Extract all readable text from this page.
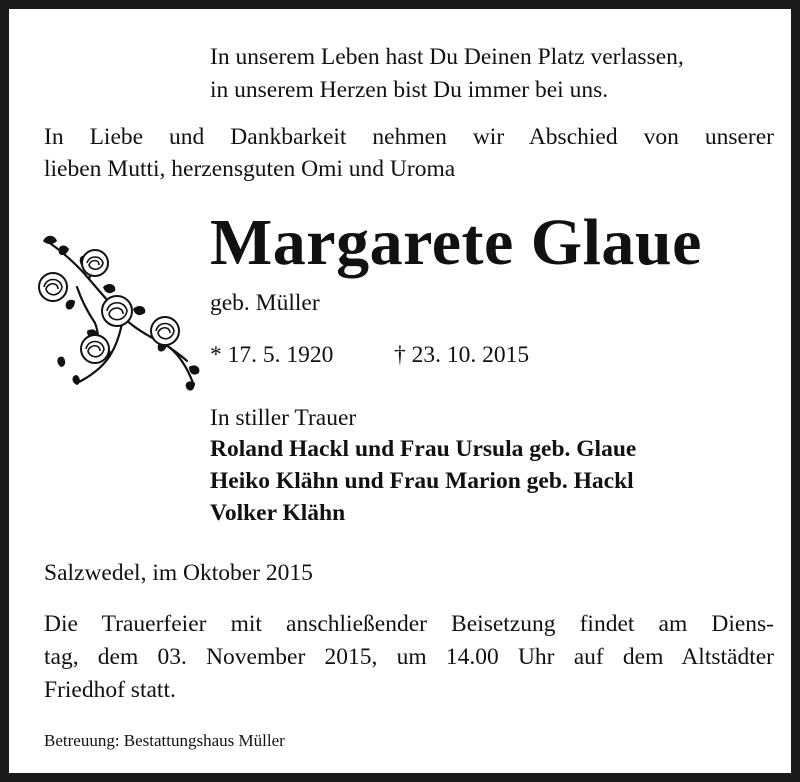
In unserem Leben hast Du Deinen Platz verlassen,
in unserem Herzen bist Du immer bei uns.
In Liebe und Dankbarkeit nehmen wir Abschied von unserer
lieben Mutti, herzensguten Omi und Uroma
Margarete Glaue
geb. Müller
* 17. 5. 1920	† 23. 10. 2015
In stiller Trauer
Roland Hackl und Frau Ursula geb. Glaue
Heiko Klähn und Frau Marion geb. Hackl
Volker Klähn
Salzwedel, im Oktober 2015
Die Trauerfeier mit anschließender Beisetzung findet am Diens-
tag, dem 03. November 2015, um 14.00 Uhr auf dem Altstädter
Friedhof statt.
Betreuung: Bestattungshaus Müller
